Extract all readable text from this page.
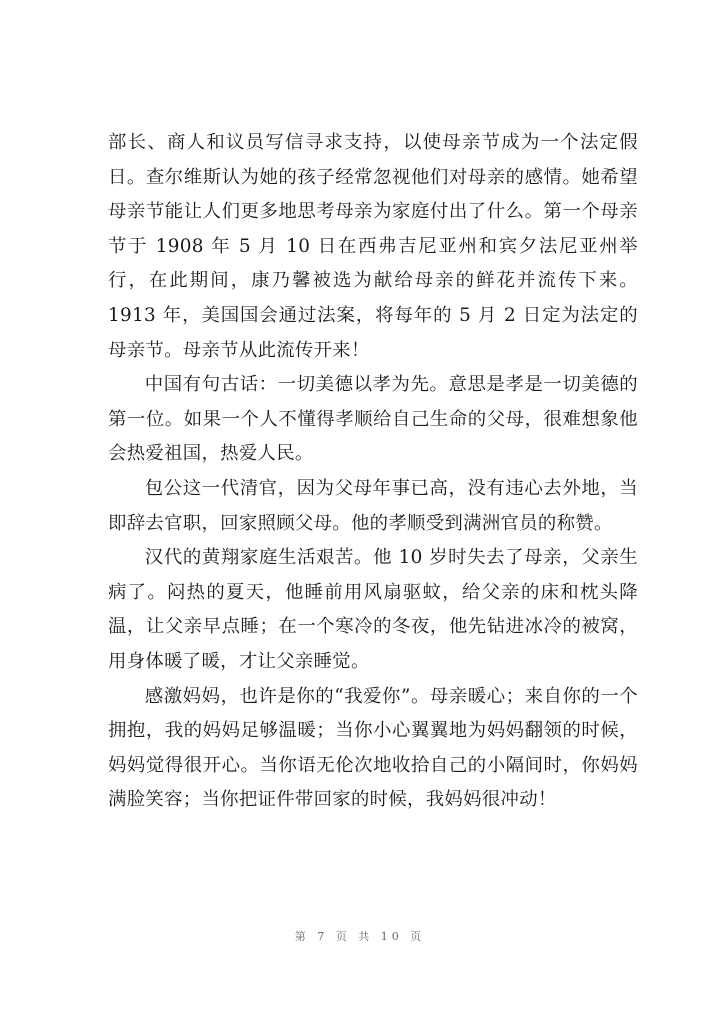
部长、商人和议员写信寻求支持，以使母亲节成为一个法定假日。查尔维斯认为她的孩子经常忽视他们对母亲的感情。她希望母亲节能让人们更多地思考母亲为家庭付出了什么。第一个母亲节于 1908 年 5 月 10 日在西弗吉尼亚州和宾夕法尼亚州举行，在此期间，康乃馨被选为献给母亲的鲜花并流传下来。1913 年，美国国会通过法案，将每年的 5 月 2 日定为法定的母亲节。母亲节从此流传开来！

中国有句古话：一切美德以孝为先。意思是孝是一切美德的第一位。如果一个人不懂得孝顺给自己生命的父母，很难想象他会热爱祖国，热爱人民。

包公这一代清官，因为父母年事已高，没有违心去外地，当即辞去官职，回家照顾父母。他的孝顺受到满洲官员的称赞。

汉代的黄翔家庭生活艰苦。他 10 岁时失去了母亲，父亲生病了。闷热的夏天，他睡前用风扇驱蚊，给父亲的床和枕头降温，让父亲早点睡；在一个寒冷的冬夜，他先钻进冰冷的被窝，用身体暖了暖，才让父亲睡觉。

感激妈妈，也许是你的“我爱你”。母亲暖心；来自你的一个拥抱，我的妈妈足够温暖；当你小心翼翼地为妈妈翻领的时候，妈妈觉得很开心。当你语无伦次地收拾自己的小隔间时，你妈妈满脸笑容；当你把证件带回家的时候，我妈妈很冲动！

第 7 页 共 10 页
